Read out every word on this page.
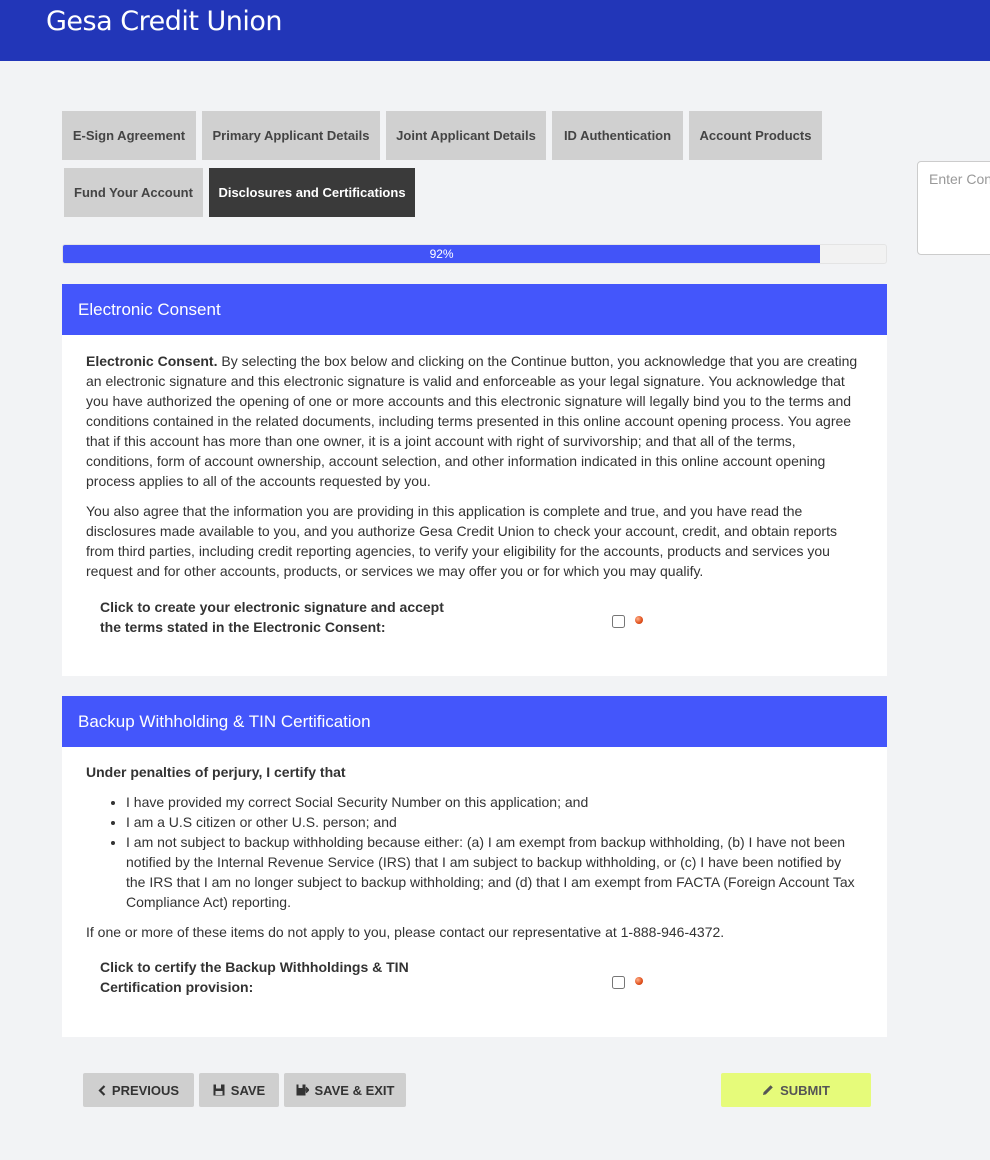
Gesa Credit Union
E-Sign Agreement	Primary Applicant Details	Joint Applicant Details	ID Authentication	Account Products
Fund Your Account	Disclosures and Certifications
Enter Con
92%
Electronic Consent

Electronic Consent. By selecting the box below and clicking on the Continue button, you acknowledge that you are creating an electronic signature and this electronic signature is valid and enforceable as your legal signature. You acknowledge that you have authorized the opening of one or more accounts and this electronic signature will legally bind you to the terms and conditions contained in the related documents, including terms presented in this online account opening process. You agree that if this account has more than one owner, it is a joint account with right of survivorship; and that all of the terms, conditions, form of account ownership, account selection, and other information indicated in this online account opening process applies to all of the accounts requested by you.

You also agree that the information you are providing in this application is complete and true, and you have read the disclosures made available to you, and you authorize Gesa Credit Union to check your account, credit, and obtain reports from third parties, including credit reporting agencies, to verify your eligibility for the accounts, products and services you request and for other accounts, products, or services we may offer you or for which you may qualify.

Click to create your electronic signature and accept the terms stated in the Electronic Consent:
Backup Withholding & TIN Certification

Under penalties of perjury, I certify that

• I have provided my correct Social Security Number on this application; and
• I am a U.S citizen or other U.S. person; and
• I am not subject to backup withholding because either: (a) I am exempt from backup withholding, (b) I have not been notified by the Internal Revenue Service (IRS) that I am subject to backup withholding, or (c) I have been notified by the IRS that I am no longer subject to backup withholding; and (d) that I am exempt from FACTA (Foreign Account Tax Compliance Act) reporting.

If one or more of these items do not apply to you, please contact our representative at 1-888-946-4372.

Click to certify the Backup Withholdings & TIN Certification provision:
PREVIOUS	SAVE	SAVE & EXIT	SUBMIT
